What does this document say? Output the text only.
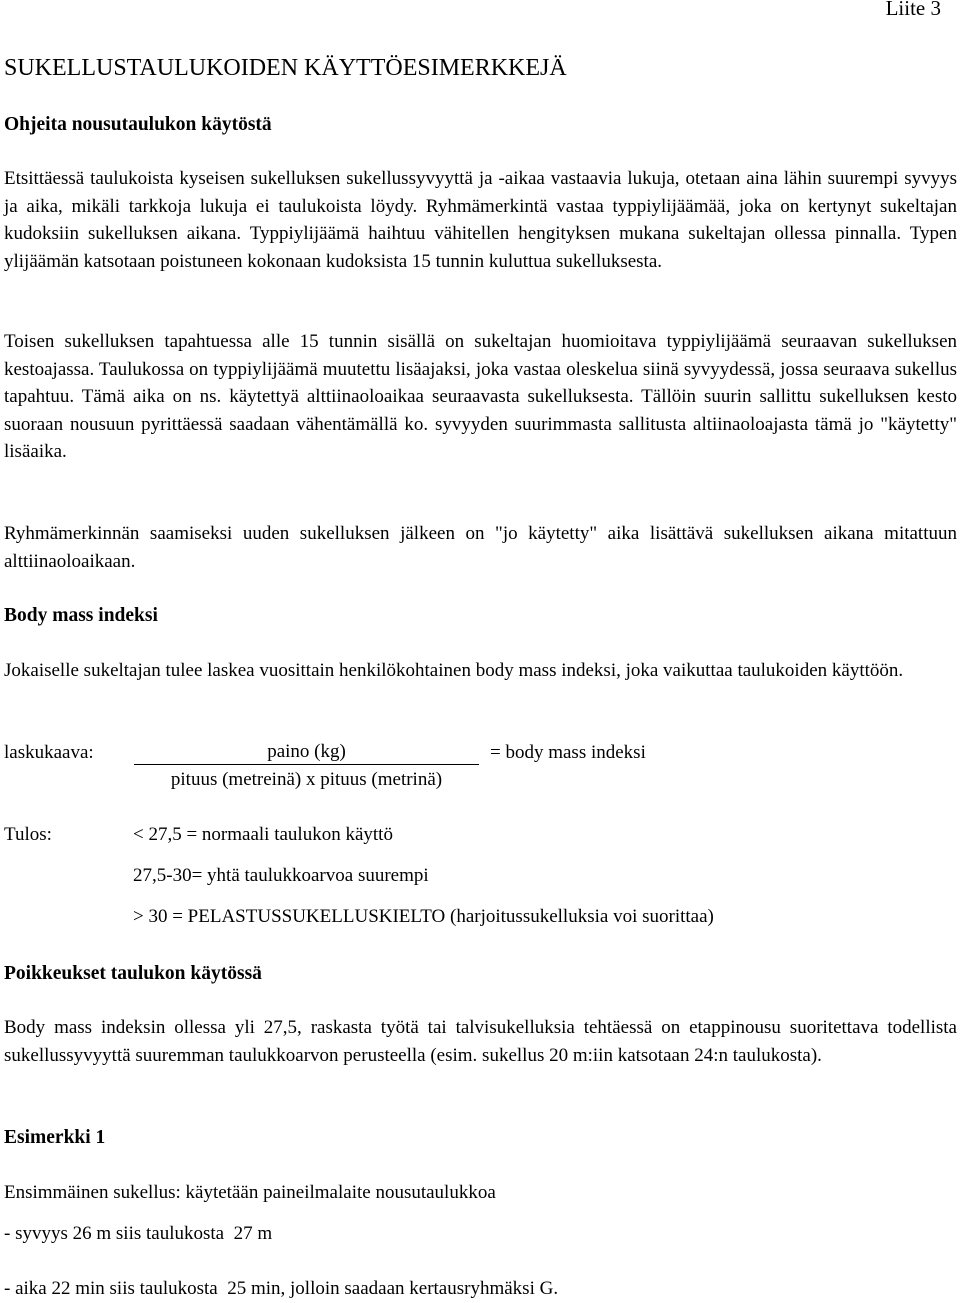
Liite 3

SUKELLUSTAULUKOIDEN KÄYTTÖESIMERKKEJÄ
Ohjeita nousutaulukon käytöstä

Etsittäessä taulukoista kyseisen sukelluksen sukellussyvyyttä ja -aikaa vastaavia lukuja, otetaan aina lähin suurempi syvyys ja aika, mikäli tarkkoja lukuja ei taulukoista löydy. Ryhmämerkintä vastaa typpiylijäämää, joka on kertynyt sukeltajan kudoksiin sukelluksen aikana. Typpiylijäämä haihtuu vähitellen hengityksen mukana sukeltajan ollessa pinnalla. Typen ylijäämän katsotaan poistuneen kokonaan kudoksista 15 tunnin kuluttua sukelluksesta.

Toisen sukelluksen tapahtuessa alle 15 tunnin sisällä on sukeltajan huomioitava typpiylijäämä seuraavan sukelluksen kestoajassa. Taulukossa on typpiylijäämä muutettu lisäajaksi, joka vastaa oleskelua siinä syvyydessä, jossa seuraava sukellus tapahtuu. Tämä aika on ns. käytettyä alttiinaoloaikaa seuraavasta sukelluksesta. Tällöin suurin sallittu sukelluksen kesto suoraan nousuun pyrittäessä saadaan vähentämällä ko. syvyyden suurimmasta sallitusta altiinaoloajasta tämä jo "käytetty" lisäaika.

Ryhmämerkinnän saamiseksi uuden sukelluksen jälkeen on "jo käytetty" aika lisättävä sukelluksen aikana mitattuun alttiinaoloaikaan.

Body mass indeksi

Jokaiselle sukeltajan tulee laskea vuosittain henkilökohtainen body mass indeksi, joka vaikuttaa taulukoiden käyttöön.

laskukaava:	paino (kg)	= body mass indeksi
pituus (metreinä) x pituus (metrinä)
Tulos:	< 27,5 = normaali taulukon käyttö
27,5-30= yhtä taulukkoarvoa suurempi
> 30 = PELASTUSSUKELLUSKIELTO (harjoitussukelluksia voi suorittaa)
Poikkeukset taulukon käytössä

Body mass indeksin ollessa yli 27,5, raskasta työtä tai talvisukelluksia tehtäessä on etappinousu suoritettava todellista sukellussyvyyttä suuremman taulukkoarvon perusteella (esim. sukellus 20 m:iin katsotaan 24:n taulukosta).

Esimerkki 1
Ensimmäinen sukellus: käytetään paineilmalaite nousutaulukkoa
- syvyys 26 m siis taulukosta  27 m
- aika 22 min siis taulukosta  25 min, jolloin saadaan kertausryhmäksi G.
